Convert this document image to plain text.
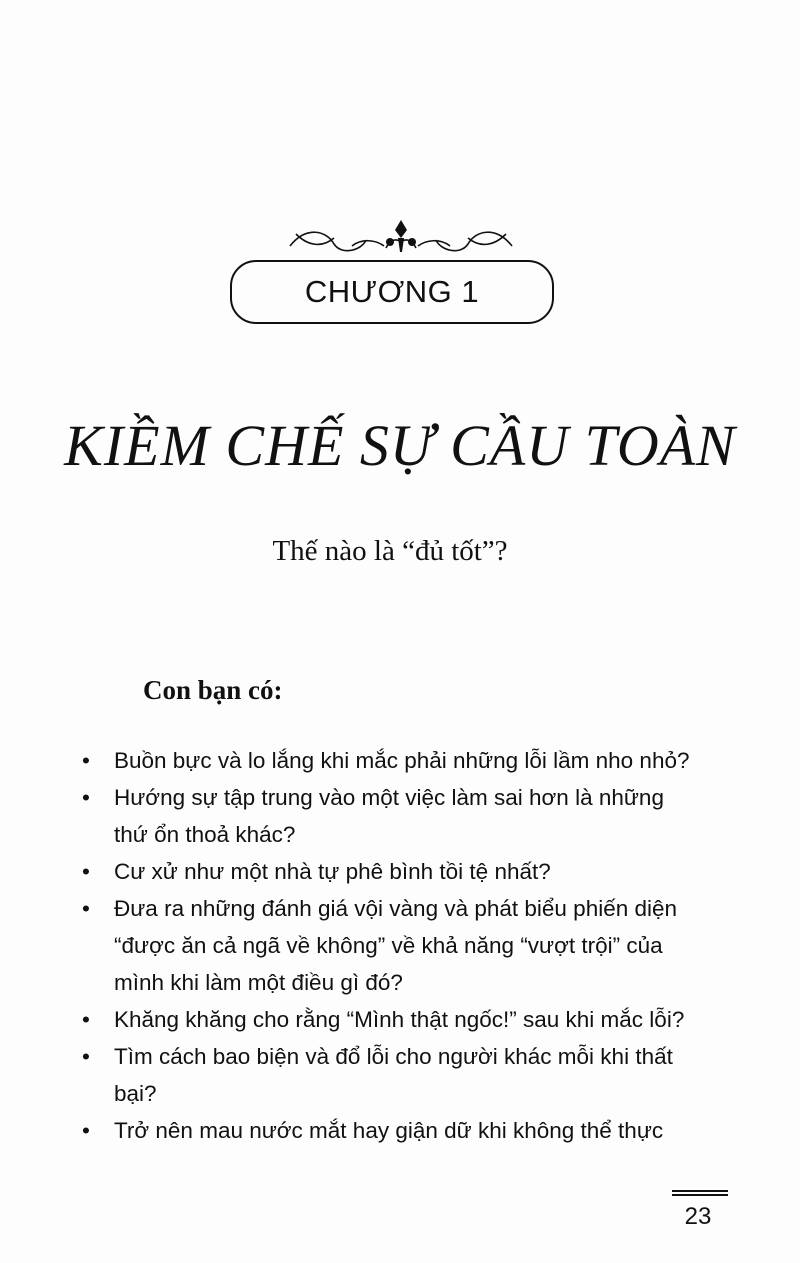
CHƯƠNG 1
KIỀM CHẾ SỰ CẦU TOÀN
Thế nào là “đủ tốt”?
Con bạn có:
• Buồn bực và lo lắng khi mắc phải những lỗi lầm nho nhỏ?
• Hướng sự tập trung vào một việc làm sai hơn là những thứ ổn thoả khác?
• Cư xử như một nhà tự phê bình tồi tệ nhất?
• Đưa ra những đánh giá vội vàng và phát biểu phiến diện “được ăn cả ngã về không” về khả năng “vượt trội” của mình khi làm một điều gì đó?
• Khăng khăng cho rằng “Mình thật ngốc!” sau khi mắc lỗi?
• Tìm cách bao biện và đổ lỗi cho người khác mỗi khi thất bại?
• Trở nên mau nước mắt hay giận dữ khi không thể thực
23
